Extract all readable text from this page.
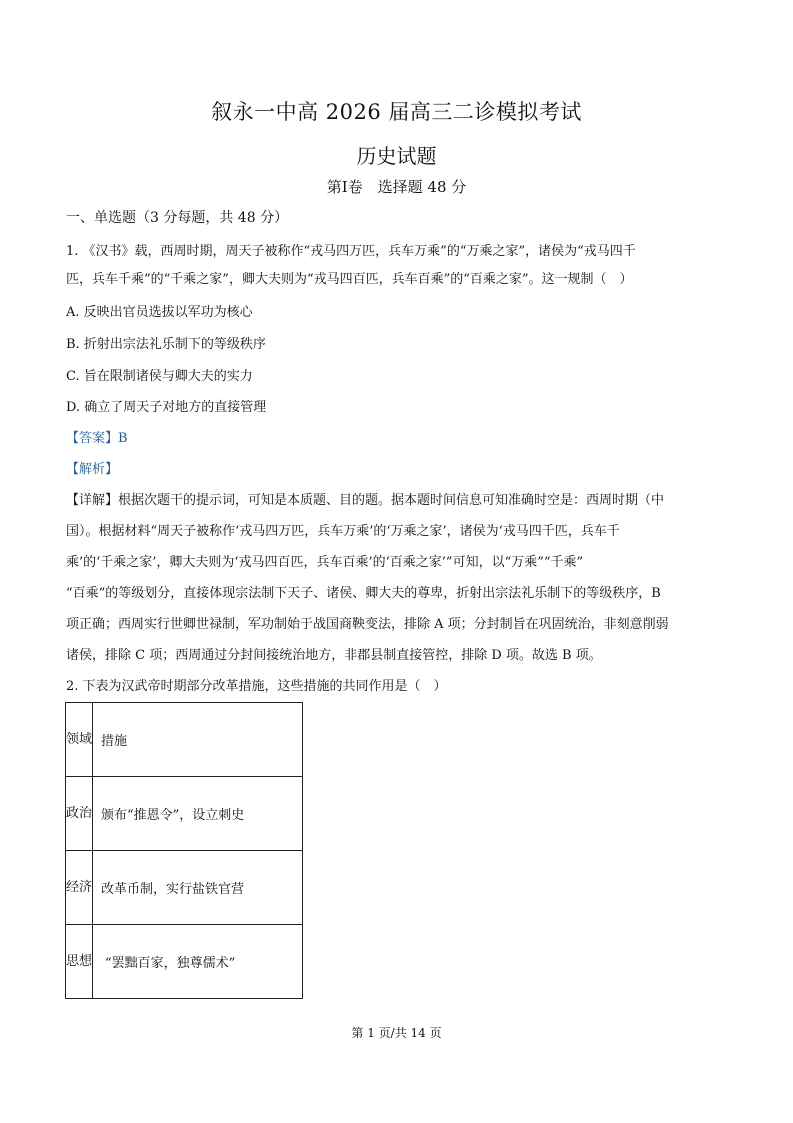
叙永一中高 2026 届高三二诊模拟考试
历史试题
第Ⅰ卷　选择题 48 分
一、单选题（3 分每题，共 48 分）
1. 《汉书》载，西周时期，周天子被称作“戎马四万匹，兵车万乘”的“万乘之家”，诸侯为“戎马四千
匹，兵车千乘”的“千乘之家”，卿大夫则为“戎马四百匹，兵车百乘”的“百乘之家”。这一规制（　）
A. 反映出官员选拔以军功为核心
B. 折射出宗法礼乐制下的等级秩序
C. 旨在限制诸侯与卿大夫的实力
D. 确立了周天子对地方的直接管理
【答案】B
【解析】
【详解】根据次题干的提示词，可知是本质题、目的题。据本题时间信息可知准确时空是：西周时期（中
国）。根据材料“周天子被称作‘戎马四万匹，兵车万乘’的‘万乘之家’，诸侯为‘戎马四千匹，兵车千
乘’的‘千乘之家’，卿大夫则为‘戎马四百匹，兵车百乘’的‘百乘之家’”可知，以“万乘”“千乘”
“百乘”的等级划分，直接体现宗法制下天子、诸侯、卿大夫的尊卑，折射出宗法礼乐制下的等级秩序，B
项正确；西周实行世卿世禄制，军功制始于战国商鞅变法，排除 A 项；分封制旨在巩固统治，非刻意削弱
诸侯，排除 C 项；西周通过分封间接统治地方，非郡县制直接管控，排除 D 项。故选 B 项。
2. 下表为汉武帝时期部分改革措施，这些措施的共同作用是（　）
领域	措施
政治	颁布“推恩令”，设立刺史
经济	改革币制，实行盐铁官营
思想	“罢黜百家，独尊儒术”
第 1 页/共 14 页
